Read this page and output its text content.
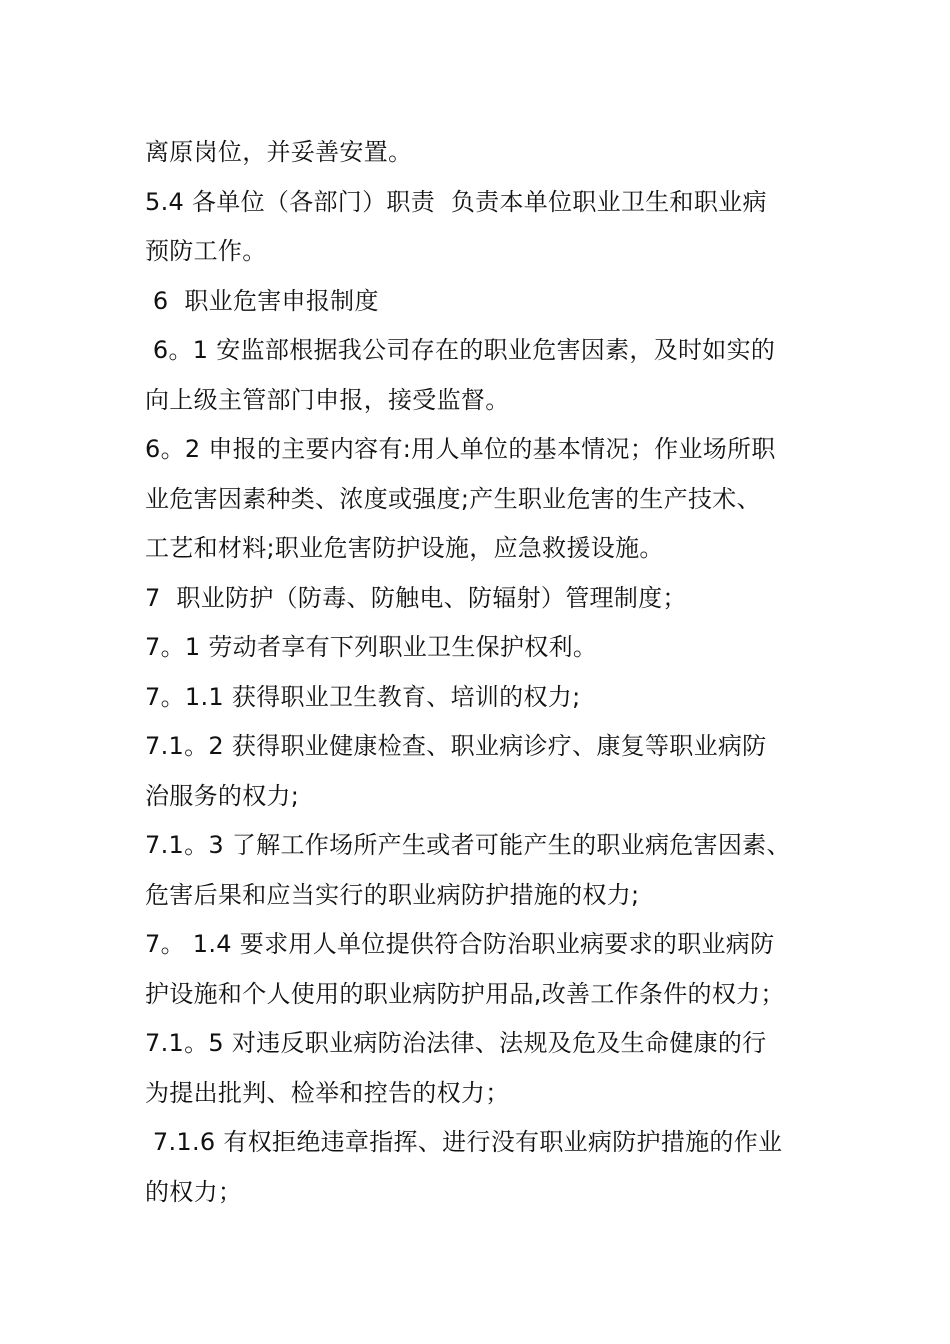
离原岗位，并妥善安置。
5.4 各单位（各部门）职责  负责本单位职业卫生和职业病
预防工作。
6  职业危害申报制度
6。1 安监部根据我公司存在的职业危害因素，及时如实的
向上级主管部门申报，接受监督。
6。2 申报的主要内容有:用人单位的基本情况；作业场所职
业危害因素种类、浓度或强度;产生职业危害的生产技术、
工艺和材料;职业危害防护设施，应急救援设施。
7  职业防护（防毒、防触电、防辐射）管理制度；
7。1 劳动者享有下列职业卫生保护权利。
7。1.1 获得职业卫生教育、培训的权力;
7.1。2 获得职业健康检查、职业病诊疗、康复等职业病防
治服务的权力;
7.1。3 了解工作场所产生或者可能产生的职业病危害因素、
危害后果和应当实行的职业病防护措施的权力;
7。 1.4 要求用人单位提供符合防治职业病要求的职业病防
护设施和个人使用的职业病防护用品,改善工作条件的权力；
7.1。5 对违反职业病防治法律、法规及危及生命健康的行
为提出批判、检举和控告的权力；
7.1.6 有权拒绝违章指挥、进行没有职业病防护措施的作业
的权力；
